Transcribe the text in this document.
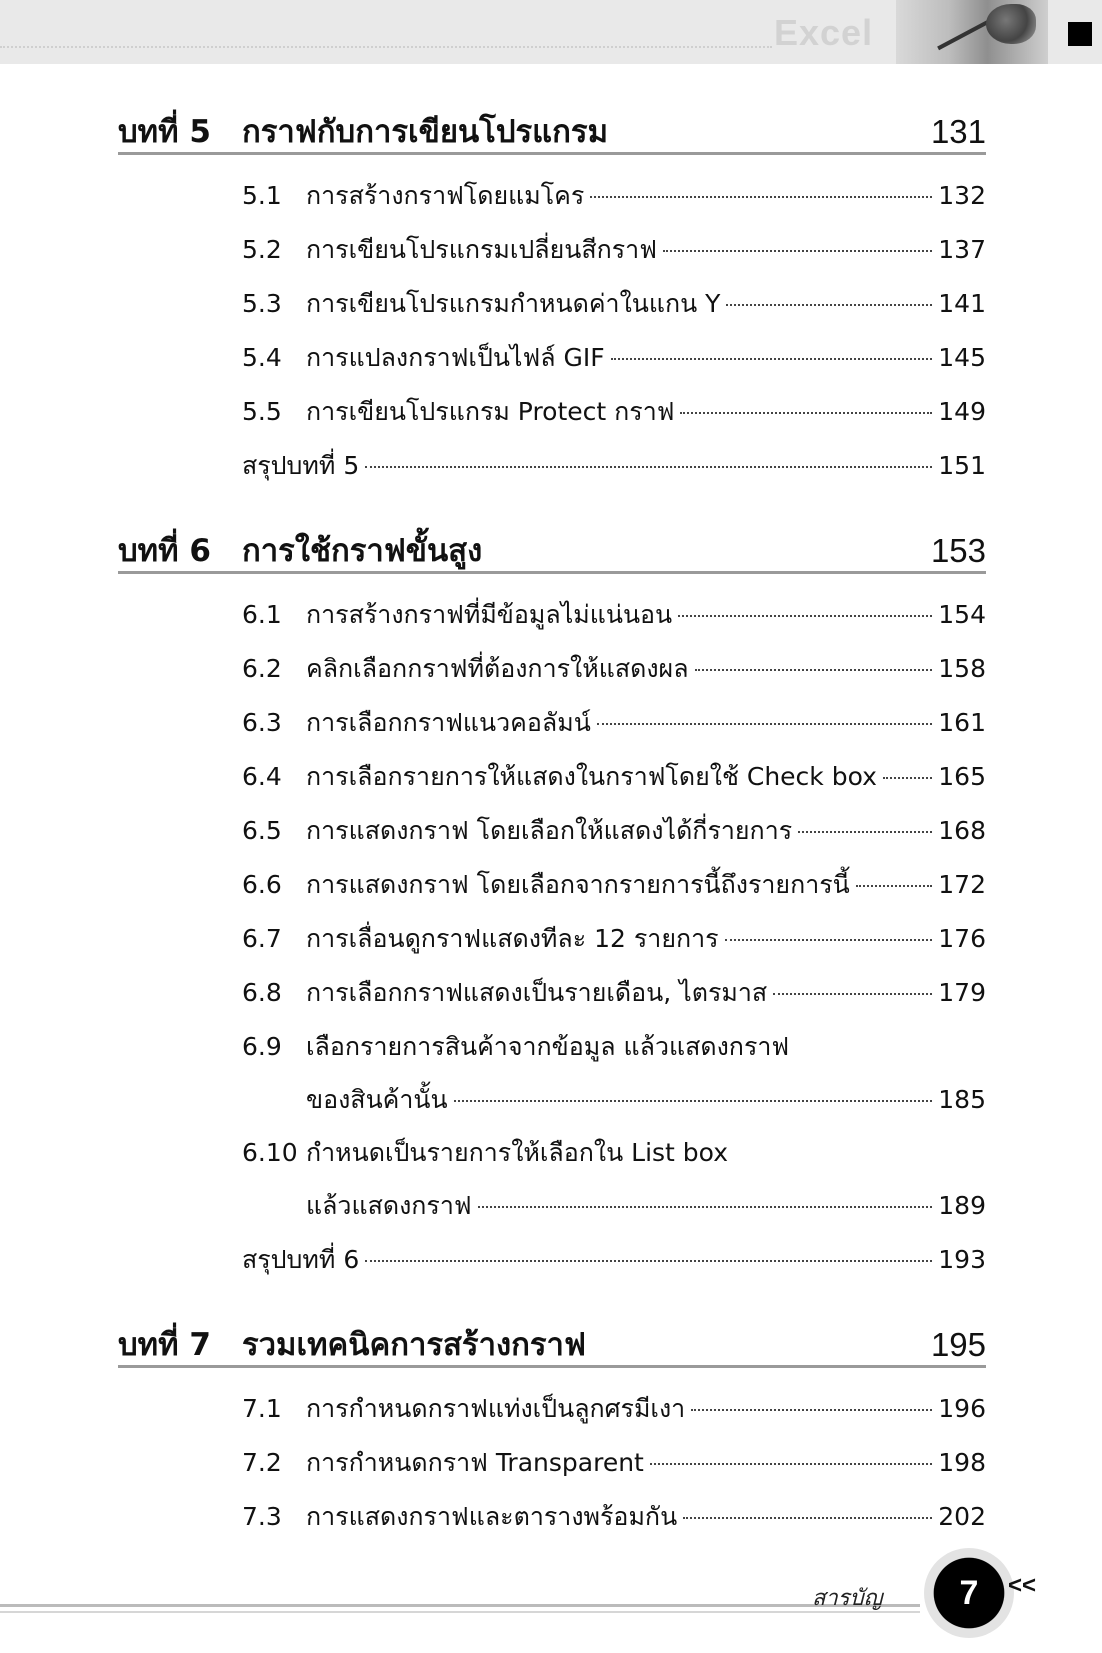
Excel
บทที่ 5 กราฟกับการเขียนโปรแกรม	131
5.1 การสร้างกราฟโดยแมโคร	132
5.2 การเขียนโปรแกรมเปลี่ยนสีกราฟ	137
5.3 การเขียนโปรแกรมกำหนดค่าในแกน Y	141
5.4 การแปลงกราฟเป็นไฟล์ GIF	145
5.5 การเขียนโปรแกรม Protect กราฟ	149
สรุปบทที่ 5	151
บทที่ 6 การใช้กราฟขั้นสูง	153
6.1 การสร้างกราฟที่มีข้อมูลไม่แน่นอน	154
6.2 คลิกเลือกกราฟที่ต้องการให้แสดงผล	158
6.3 การเลือกกราฟแนวคอลัมน์	161
6.4 การเลือกรายการให้แสดงในกราฟโดยใช้ Check box 165
6.5 การแสดงกราฟ โดยเลือกให้แสดงได้กี่รายการ	168
6.6 การแสดงกราฟ โดยเลือกจากรายการนี้ถึงรายการนี้	172
6.7 การเลื่อนดูกราฟแสดงทีละ 12 รายการ	176
6.8 การเลือกกราฟแสดงเป็นรายเดือน, ไตรมาส	179
6.9 เลือกรายการสินค้าจากข้อมูล แล้วแสดงกราฟ
ของสินค้านั้น	185
6.10 กำหนดเป็นรายการให้เลือกใน List box
แล้วแสดงกราฟ	189
สรุปบทที่ 6	193
บทที่ 7 รวมเทคนิคการสร้างกราฟ	195
7.1 การกำหนดกราฟแท่งเป็นลูกศรมีเงา	196
7.2 การกำหนดกราฟ Transparent	198
7.3 การแสดงกราฟและตารางพร้อมกัน	202
สารบัญ	7	<<
